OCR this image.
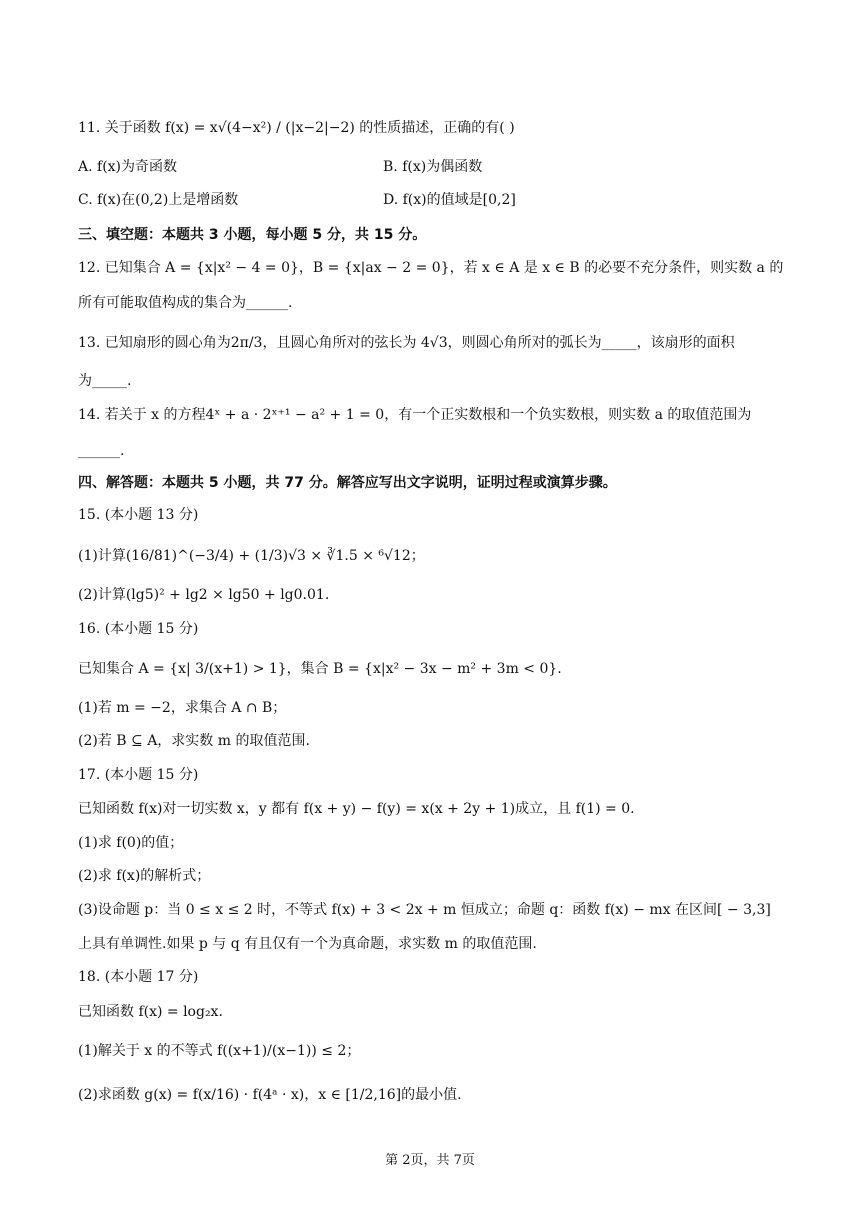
11. 关于函数 f(x) = x√(4−x²) / (|x−2|−2) 的性质描述，正确的有( )
A. f(x)为奇函数	B. f(x)为偶函数
C. f(x)在(0,2)上是增函数	D. f(x)的值域是[0,2]
三、填空题：本题共 3 小题，每小题 5 分，共 15 分。
12. 已知集合 A = {x|x² − 4 = 0}，B = {x|ax − 2 = 0}，若 x ∈ A 是 x ∈ B 的必要不充分条件，则实数 a 的
所有可能取值构成的集合为______.
13. 已知扇形的圆心角为2π/3，且圆心角所对的弦长为 4√3，则圆心角所对的弧长为_____，该扇形的面积
为_____.
14. 若关于 x 的方程4ˣ + a · 2ˣ⁺¹ − a² + 1 = 0，有一个正实数根和一个负实数根，则实数 a 的取值范围为
______.
四、解答题：本题共 5 小题，共 77 分。解答应写出文字说明，证明过程或演算步骤。
15. (本小题 13 分)
(1)计算(16/81)^(−3/4) + (1/3)√3 × ∛1.5 × ⁶√12；
(2)计算(lg5)² + lg2 × lg50 + lg0.01.
16. (本小题 15 分)
已知集合 A = {x| 3/(x+1) > 1}，集合 B = {x|x² − 3x − m² + 3m < 0}.
(1)若 m = −2，求集合 A ∩ B；
(2)若 B ⊆ A，求实数 m 的取值范围.
17. (本小题 15 分)
已知函数 f(x)对一切实数 x，y 都有 f(x + y) − f(y) = x(x + 2y + 1)成立，且 f(1) = 0.
(1)求 f(0)的值；
(2)求 f(x)的解析式；
(3)设命题 p：当 0 ≤ x ≤ 2 时，不等式 f(x) + 3 < 2x + m 恒成立；命题 q：函数 f(x) − mx 在区间[ − 3,3]
上具有单调性.如果 p 与 q 有且仅有一个为真命题，求实数 m 的取值范围.
18. (本小题 17 分)
已知函数 f(x) = log₂x.
(1)解关于 x 的不等式 f((x+1)/(x−1)) ≤ 2；
(2)求函数 g(x) = f(x/16) · f(4ᵃ · x)，x ∈ [1/2,16]的最小值.
第 2页，共 7页
